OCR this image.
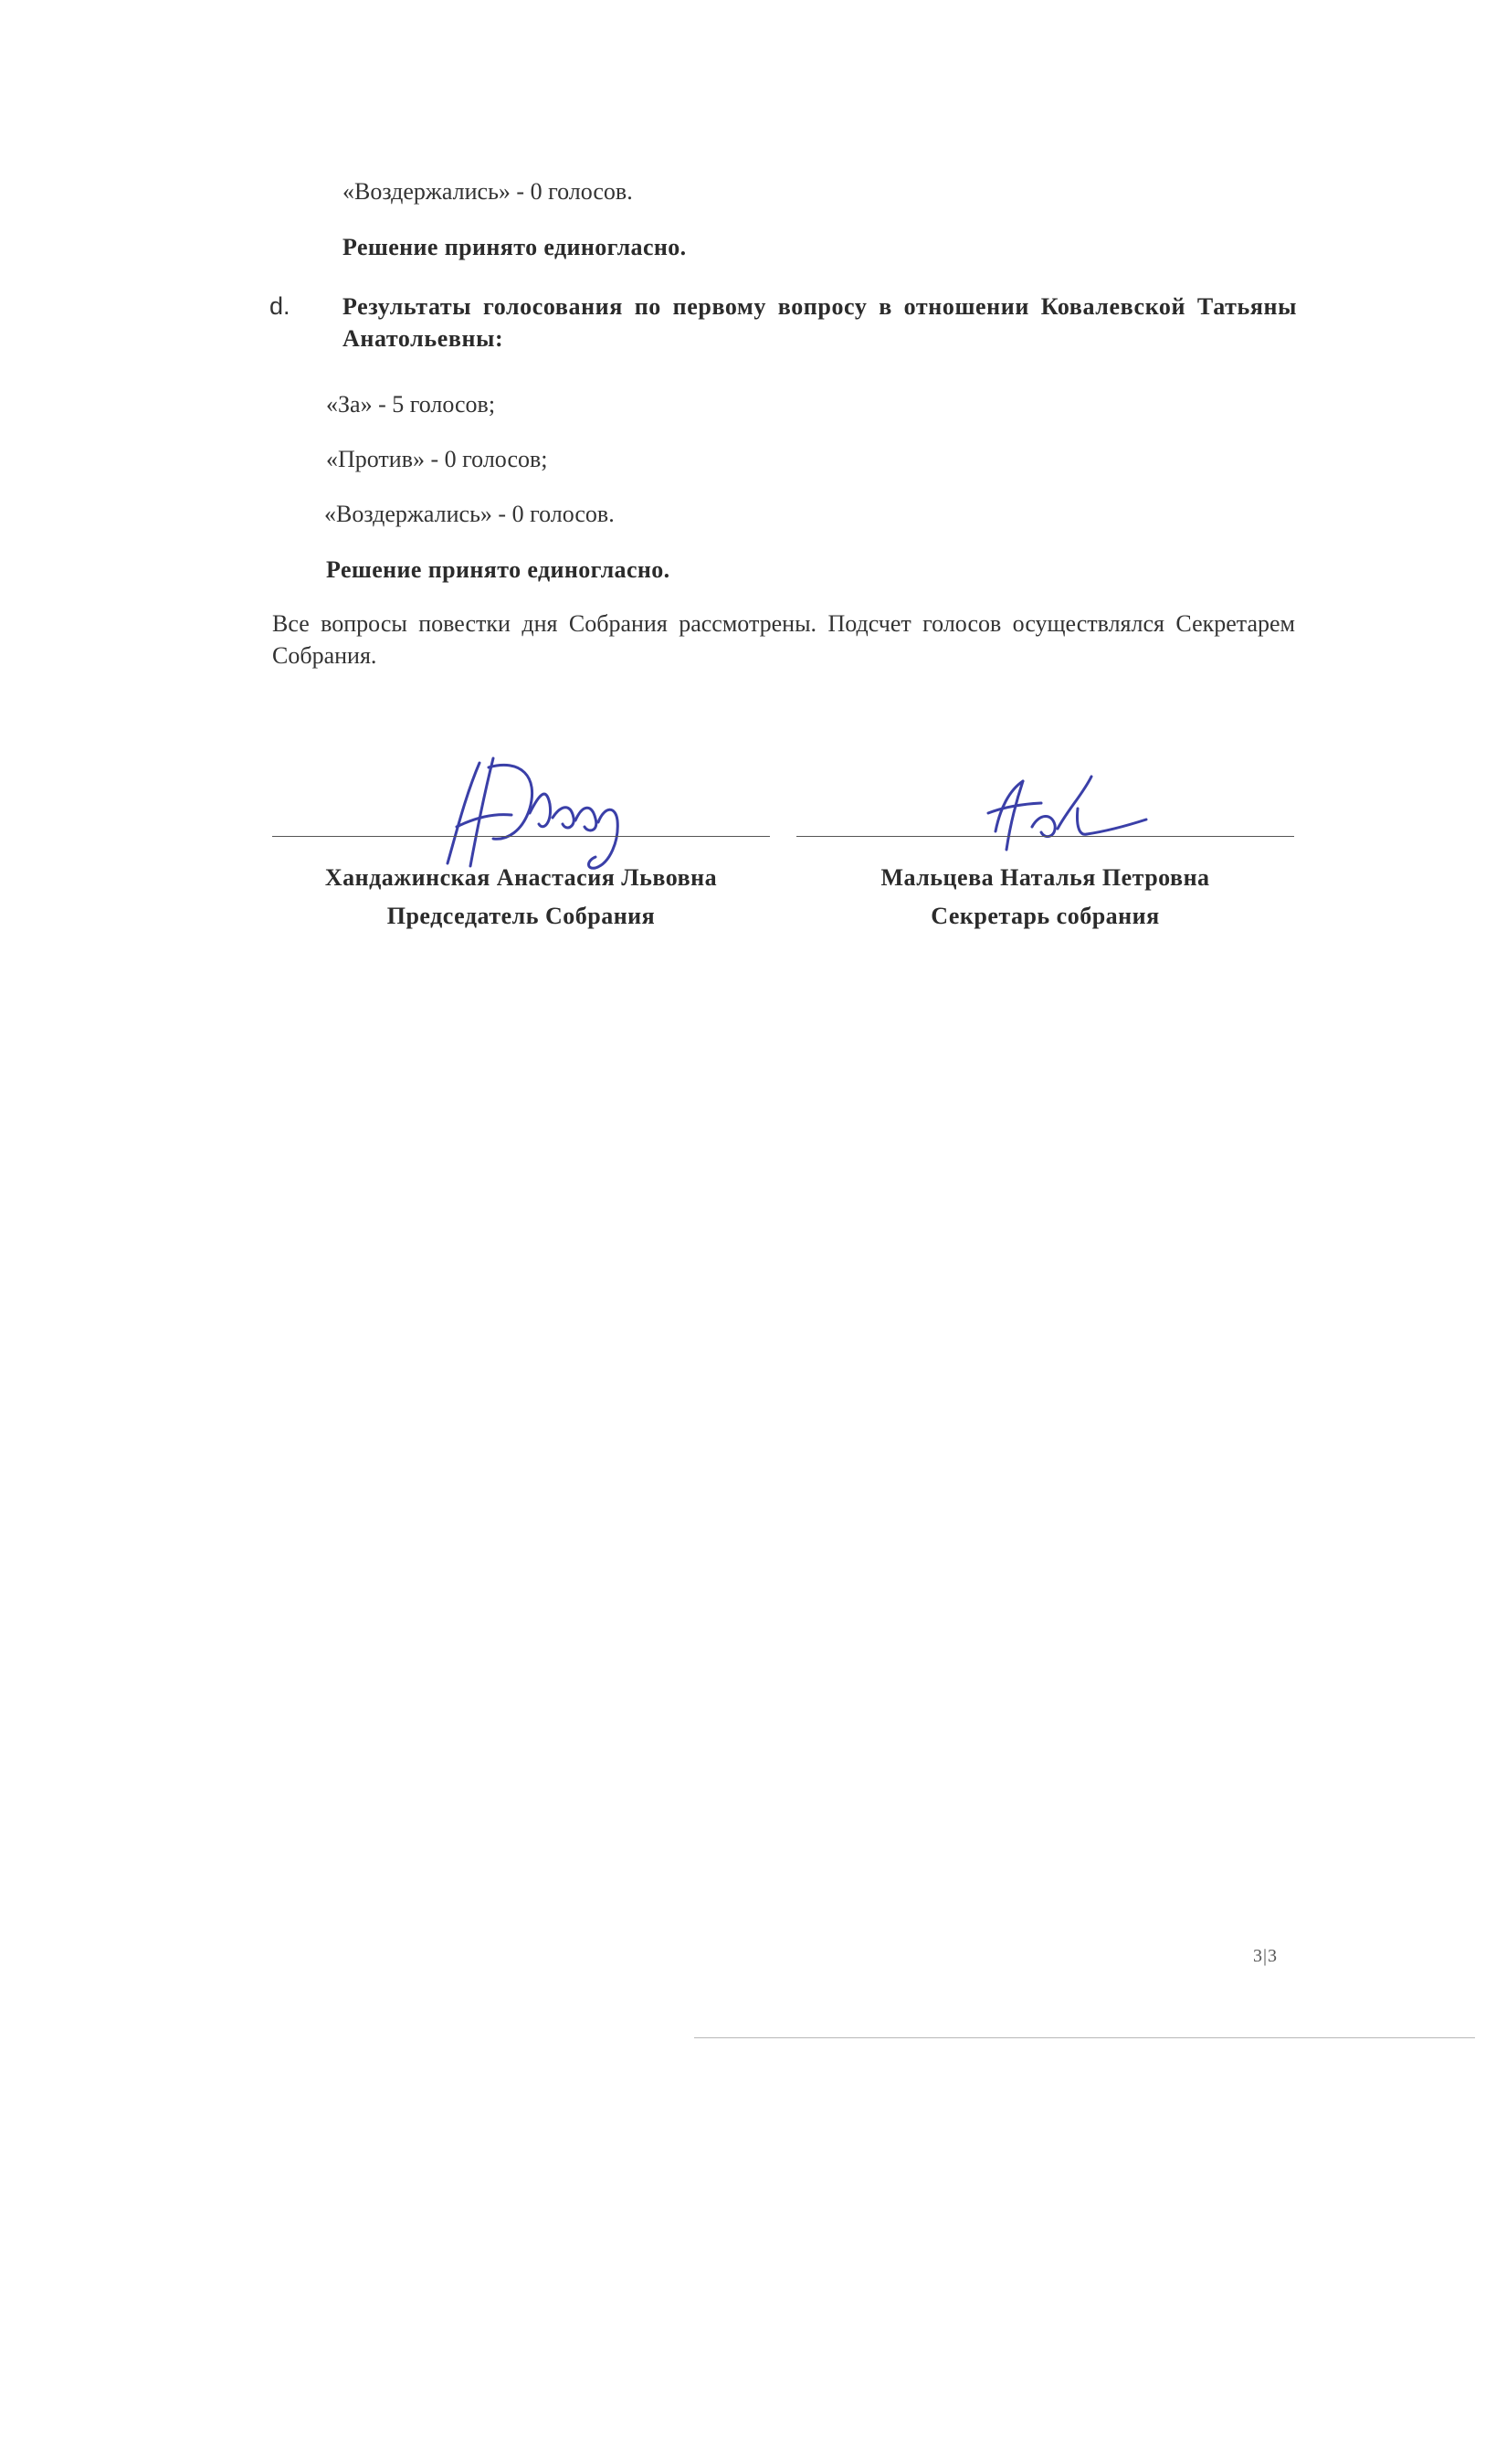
«Воздержались» - 0 голосов.
Решение принято единогласно.
d. Результаты голосования по первому вопросу в отношении Ковалевской Татьяны Анатольевны:
«За» - 5 голосов;
«Против» - 0 голосов;
«Воздержались» - 0 голосов.
Решение принято единогласно.
Все вопросы повестки дня Собрания рассмотрены. Подсчет голосов осуществлялся Секретарем Собрания.
Хандажинская Анастасия Львовна
Председатель Собрания
Мальцева Наталья Петровна
Секретарь собрания
3|3
